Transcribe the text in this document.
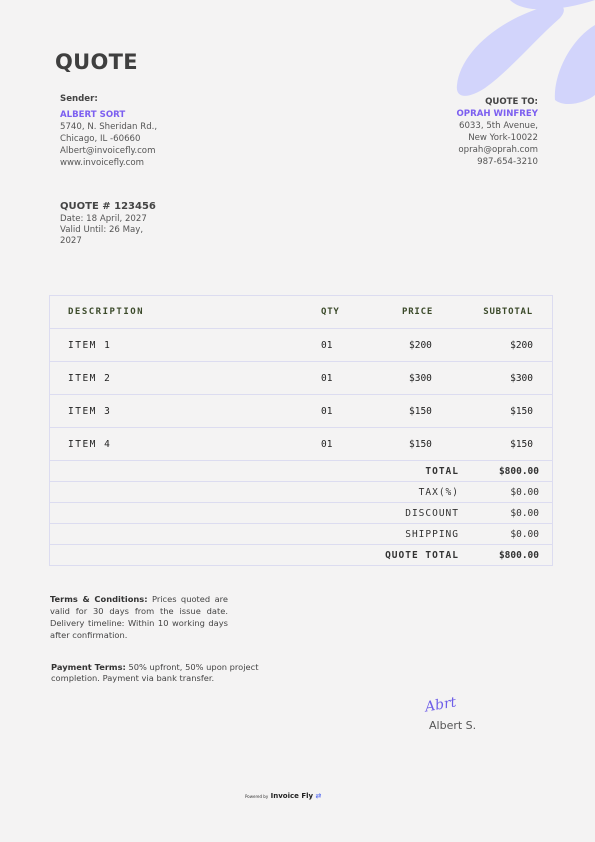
QUOTE
Sender:
ALBERT SORT
5740, N. Sheridan Rd.,
Chicago, IL -60660
Albert@invoicefly.com
www.invoicefly.com
QUOTE TO:
OPRAH WINFREY
6033, 5th Avenue,
New York-10022
oprah@oprah.com
987-654-3210
QUOTE # 123456
Date: 18 April, 2027
Valid Until: 26 May,
2027
DESCRIPTION	QTY	PRICE	SUBTOTAL
ITEM 1	01	$200	$200
ITEM 2	01	$300	$300
ITEM 3	01	$150	$150
ITEM 4	01	$150	$150
TOTAL	$800.00
TAX(%)	$0.00
DISCOUNT	$0.00
SHIPPING	$0.00
QUOTE TOTAL	$800.00
Terms & Conditions: Prices quoted are valid for 30 days from the issue date. Delivery timeline: Within 10 working days after confirmation.
Payment Terms: 50% upfront, 50% upon project completion. Payment via bank transfer.
Abrt
Albert S.
Powered by Invoice Fly ⇄
